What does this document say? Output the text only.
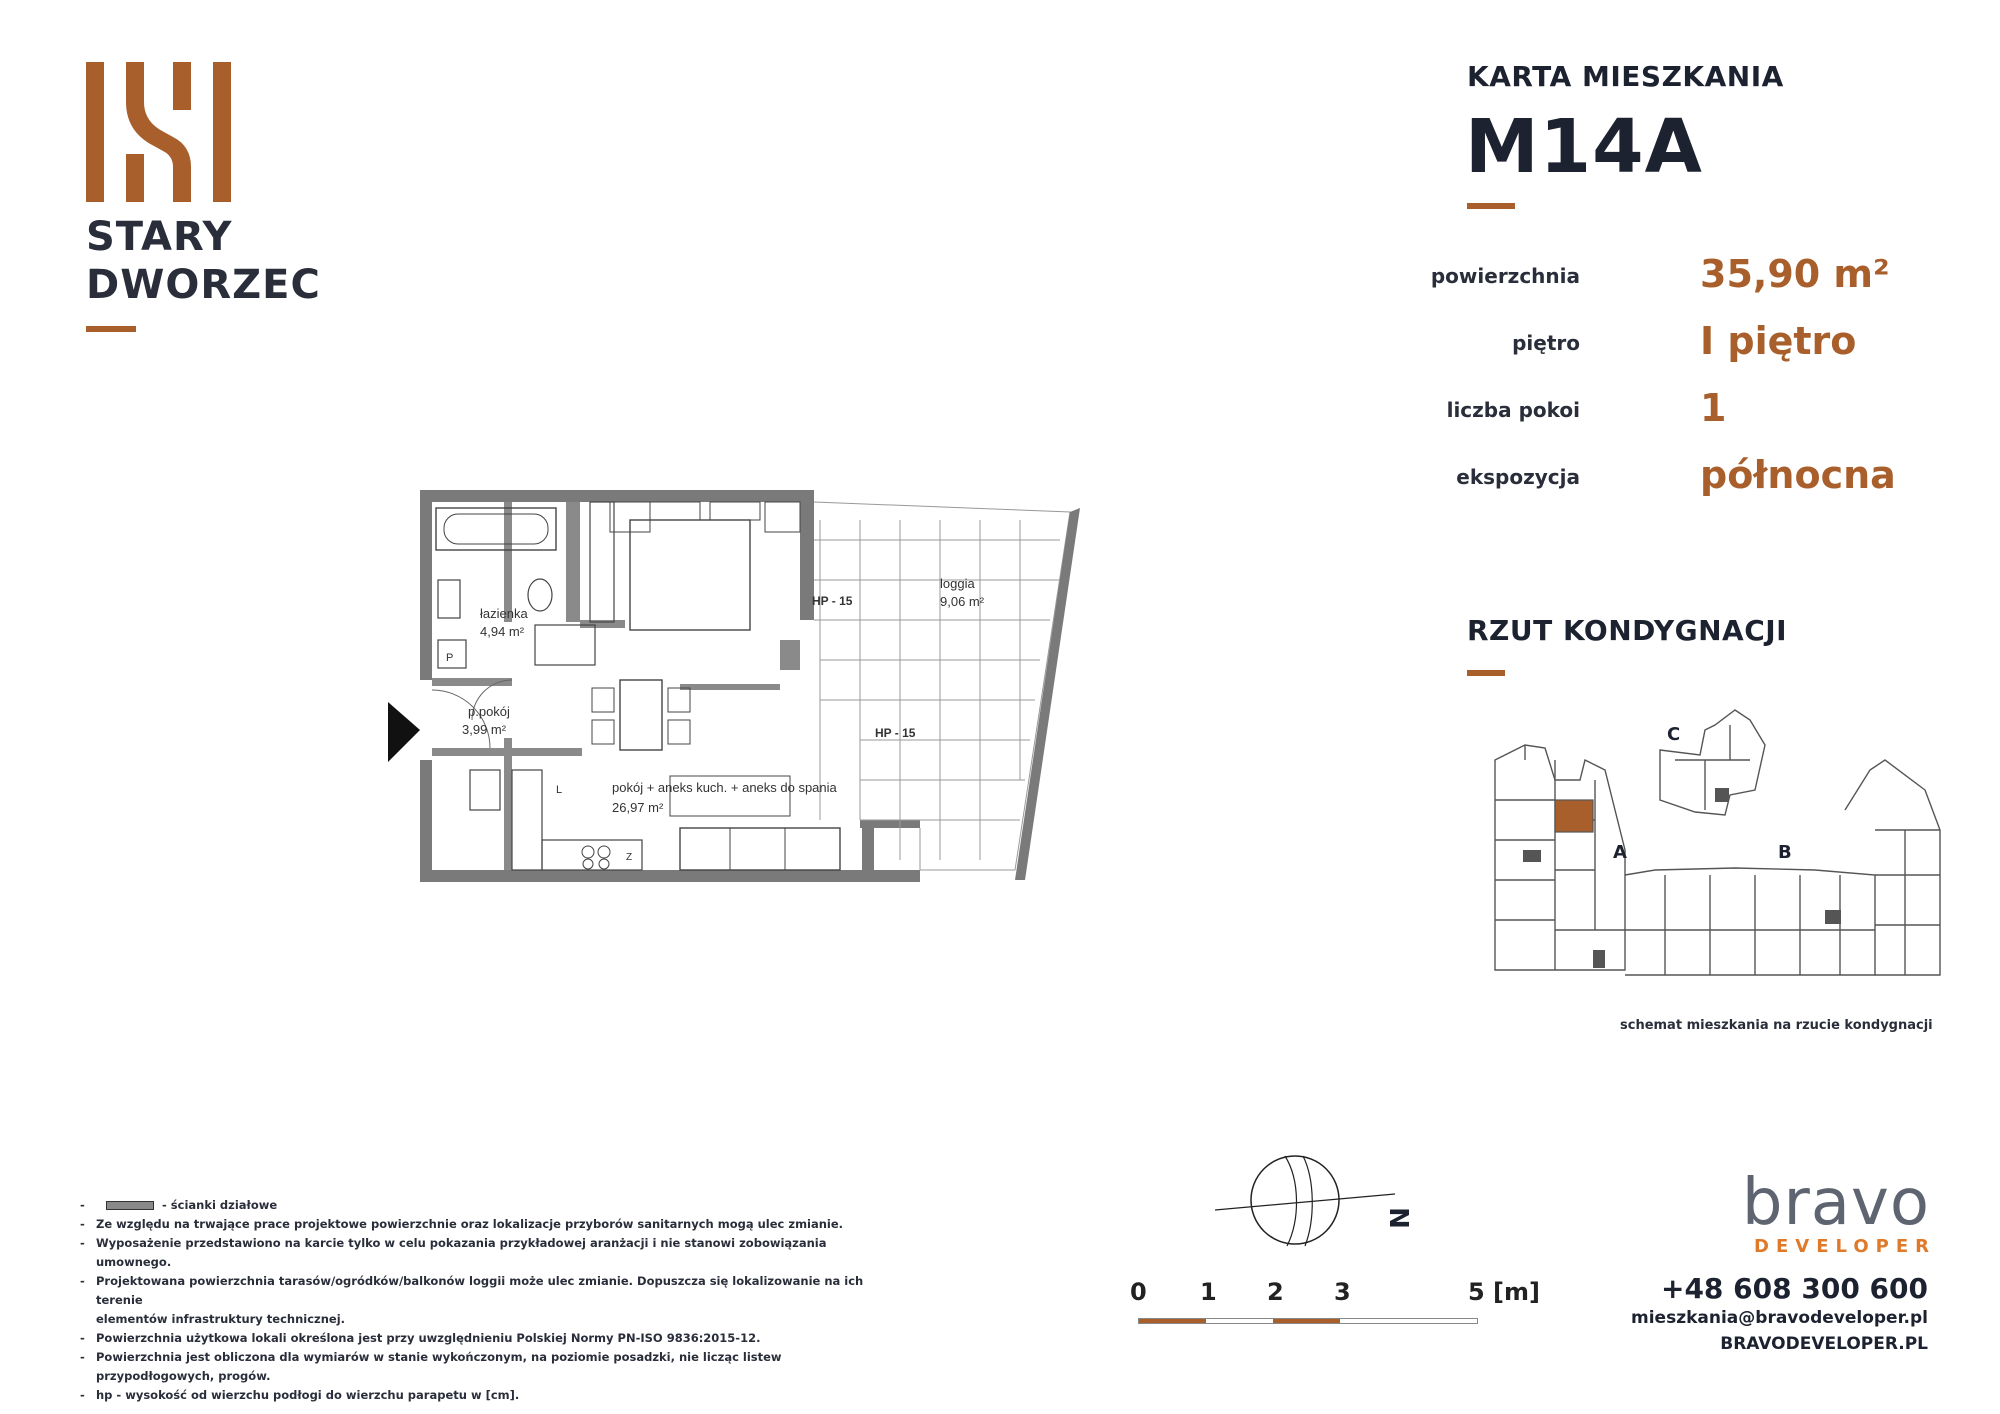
STARY
DWORZEC
KARTA MIESZKANIA
M14A
powierzchnia	35,90 m²
piętro	I piętro
liczba pokoi	1
ekspozycja	północna
RZUT KONDYGNACJI
A	B
C
schemat mieszkania na rzucie kondygnacji
łazienka
4,94 m²
p.pokój
3,99 m²
pokój + aneks kuch. + aneks do spania
26,97 m²
loggia
9,06 m²
HP - 15
HP - 15
P
L
Z
N
0 1 2 3	5 [m]
-	- ścianki działowe
- Ze względu na trwające prace projektowe powierzchnie oraz lokalizacje przyborów sanitarnych mogą ulec zmianie.
- Wyposażenie przedstawiono na karcie tylko w celu pokazania przykładowej aranżacji i nie stanowi zobowiązania umownego.
- Projektowana powierzchnia tarasów/ogródków/balkonów loggii może ulec zmianie. Dopuszcza się lokalizowanie na ich terenie
elementów infrastruktury technicznej.
- Powierzchnia użytkowa lokali określona jest przy uwzględnieniu Polskiej Normy PN-ISO 9836:2015-12.
- Powierzchnia jest obliczona dla wymiarów w stanie wykończonym, na poziomie posadzki, nie licząc listew przypodłogowych, progów.
- hp - wysokość od wierzchu podłogi do wierzchu parapetu w [cm].
bravo
DEVELOPER
+48 608 300 600
mieszkania@bravodeveloper.pl
BRAVODEVELOPER.PL
